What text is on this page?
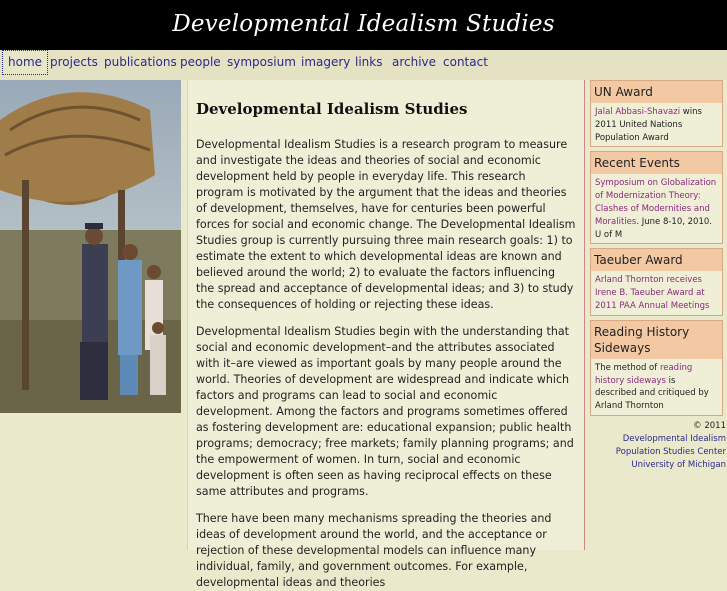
Developmental Idealism Studies
home projects publications people symposium imagery links archive contact
Developmental Idealism Studies

Developmental Idealism Studies is a research program to measure and investigate the ideas and theories of social and economic development held by people in everyday life. This research program is motivated by the argument that the ideas and theories of development, themselves, have for centuries been powerful forces for social and economic change. The Developmental Idealism Studies group is currently pursuing three main research goals: 1) to estimate the extent to which developmental ideas are known and believed around the world; 2) to evaluate the factors influencing the spread and acceptance of developmental ideas; and 3) to study the consequences of holding or rejecting these ideas.

Developmental Idealism Studies begin with the understanding that social and economic development–and the attributes associated with it–are viewed as important goals by many people around the world. Theories of development are widespread and indicate which factors and programs can lead to social and economic development. Among the factors and programs sometimes offered as fostering development are: educational expansion; public health programs; democracy; free markets; family planning programs; and the empowerment of women. In turn, social and economic development is often seen as having reciprocal effects on these same attributes and programs.

There have been many mechanisms spreading the theories and ideas of development around the world, and the acceptance or rejection of these developmental models can influence many individual, family, and government outcomes. For example, developmental ideas and theories

UN Award
Jalal Abbasi-Shavazi wins 2011 United Nations Population Award
Recent Events
Symposium on Globalization of Modernization Theory: Clashes of Modernities and Moralities. June 8-10, 2010. U of M
Taeuber Award
Arland Thornton receives Irene B. Taeuber Award at 2011 PAA Annual Meetings
Reading History Sideways
The method of reading history sideways is described and critiqued by Arland Thornton
© 2011
Developmental Idealism
Population Studies Center
University of Michigan
